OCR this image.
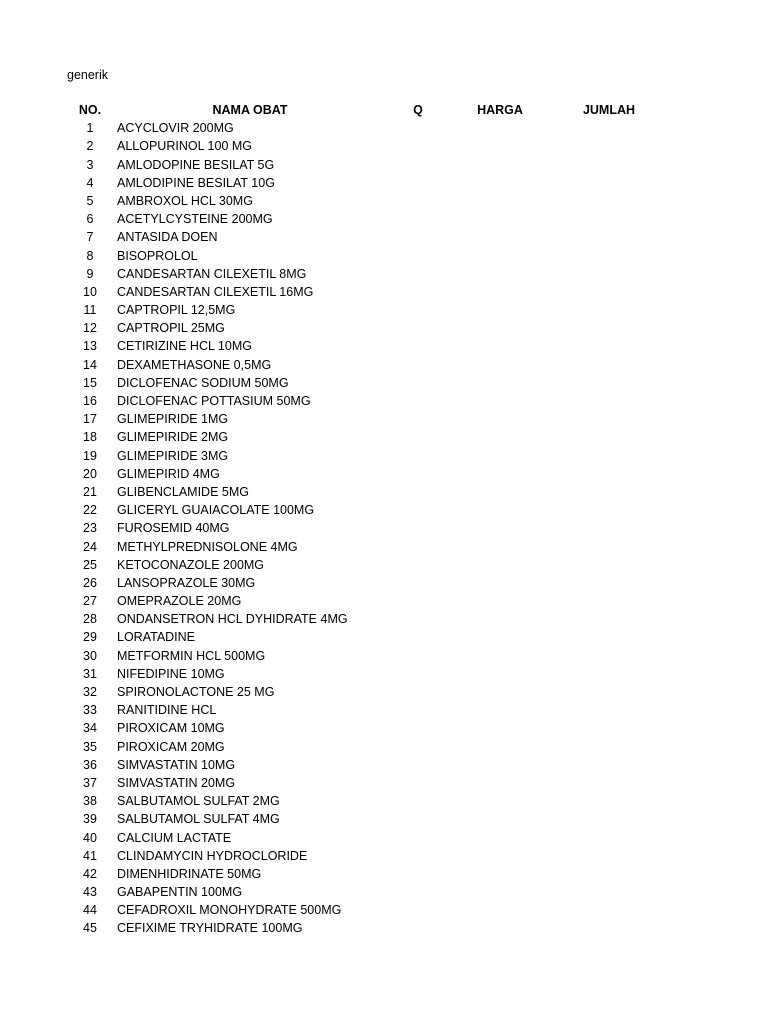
generik
NO.	NAMA OBAT	Q	HARGA	JUMLAH
1	ACYCLOVIR 200MG
2	ALLOPURINOL 100 MG
3	AMLODOPINE BESILAT 5G
4	AMLODIPINE BESILAT 10G
5	AMBROXOL HCL 30MG
6	ACETYLCYSTEINE 200MG
7	ANTASIDA DOEN
8	BISOPROLOL
9	CANDESARTAN CILEXETIL 8MG
10	CANDESARTAN CILEXETIL 16MG
11	CAPTROPIL 12,5MG
12	CAPTROPIL 25MG
13	CETIRIZINE HCL 10MG
14	DEXAMETHASONE 0,5MG
15	DICLOFENAC SODIUM 50MG
16	DICLOFENAC POTTASIUM 50MG
17	GLIMEPIRIDE 1MG
18	GLIMEPIRIDE 2MG
19	GLIMEPIRIDE 3MG
20	GLIMEPIRID 4MG
21	GLIBENCLAMIDE 5MG
22	GLICERYL GUAIACOLATE 100MG
23	FUROSEMID 40MG
24	METHYLPREDNISOLONE 4MG
25	KETOCONAZOLE 200MG
26	LANSOPRAZOLE 30MG
27	OMEPRAZOLE 20MG
28	ONDANSETRON HCL DYHIDRATE 4MG
29	LORATADINE
30	METFORMIN HCL 500MG
31	NIFEDIPINE 10MG
32	SPIRONOLACTONE 25 MG
33	RANITIDINE HCL
34	PIROXICAM 10MG
35	PIROXICAM 20MG
36	SIMVASTATIN 10MG
37	SIMVASTATIN 20MG
38	SALBUTAMOL SULFAT 2MG
39	SALBUTAMOL SULFAT 4MG
40	CALCIUM LACTATE
41	CLINDAMYCIN HYDROCLORIDE
42	DIMENHIDRINATE 50MG
43	GABAPENTIN 100MG
44	CEFADROXIL MONOHYDRATE 500MG
45	CEFIXIME TRYHIDRATE 100MG
